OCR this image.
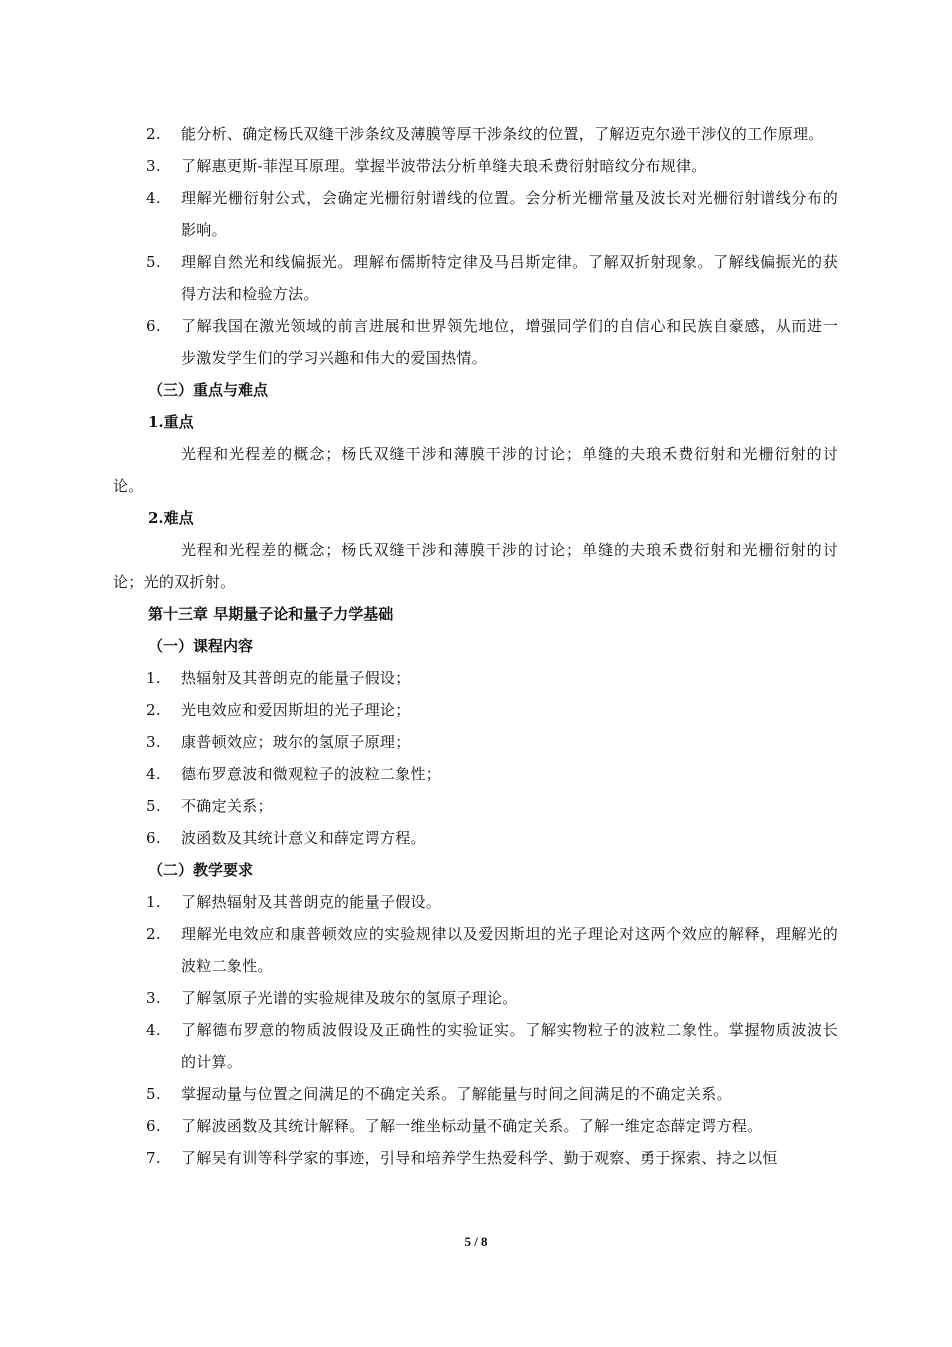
2. 能分析、确定杨氏双缝干涉条纹及薄膜等厚干涉条纹的位置，了解迈克尔逊干涉仪的工作原理。
3. 了解惠更斯-菲涅耳原理。掌握半波带法分析单缝夫琅禾费衍射暗纹分布规律。
4. 理解光栅衍射公式，会确定光栅衍射谱线的位置。会分析光栅常量及波长对光栅衍射谱线分布的影响。
5. 理解自然光和线偏振光。理解布儒斯特定律及马吕斯定律。了解双折射现象。了解线偏振光的获得方法和检验方法。
6. 了解我国在激光领域的前言进展和世界领先地位，增强同学们的自信心和民族自豪感，从而进一步激发学生们的学习兴趣和伟大的爱国热情。
（三）重点与难点
1.重点
光程和光程差的概念；杨氏双缝干涉和薄膜干涉的讨论；单缝的夫琅禾费衍射和光栅衍射的讨论。
2.难点
光程和光程差的概念；杨氏双缝干涉和薄膜干涉的讨论；单缝的夫琅禾费衍射和光栅衍射的讨论；光的双折射。
第十三章 早期量子论和量子力学基础
（一）课程内容
1. 热辐射及其普朗克的能量子假设；
2. 光电效应和爱因斯坦的光子理论；
3. 康普顿效应；玻尔的氢原子原理；
4. 德布罗意波和微观粒子的波粒二象性；
5. 不确定关系；
6. 波函数及其统计意义和薛定谔方程。
（二）教学要求
1. 了解热辐射及其普朗克的能量子假设。
2. 理解光电效应和康普顿效应的实验规律以及爱因斯坦的光子理论对这两个效应的解释，理解光的波粒二象性。
3. 了解氢原子光谱的实验规律及玻尔的氢原子理论。
4. 了解德布罗意的物质波假设及正确性的实验证实。了解实物粒子的波粒二象性。掌握物质波波长的计算。
5. 掌握动量与位置之间满足的不确定关系。了解能量与时间之间满足的不确定关系。
6. 了解波函数及其统计解释。了解一维坐标动量不确定关系。了解一维定态薛定谔方程。
7. 了解吴有训等科学家的事迹，引导和培养学生热爱科学、勤于观察、勇于探索、持之以恒
5 / 8
